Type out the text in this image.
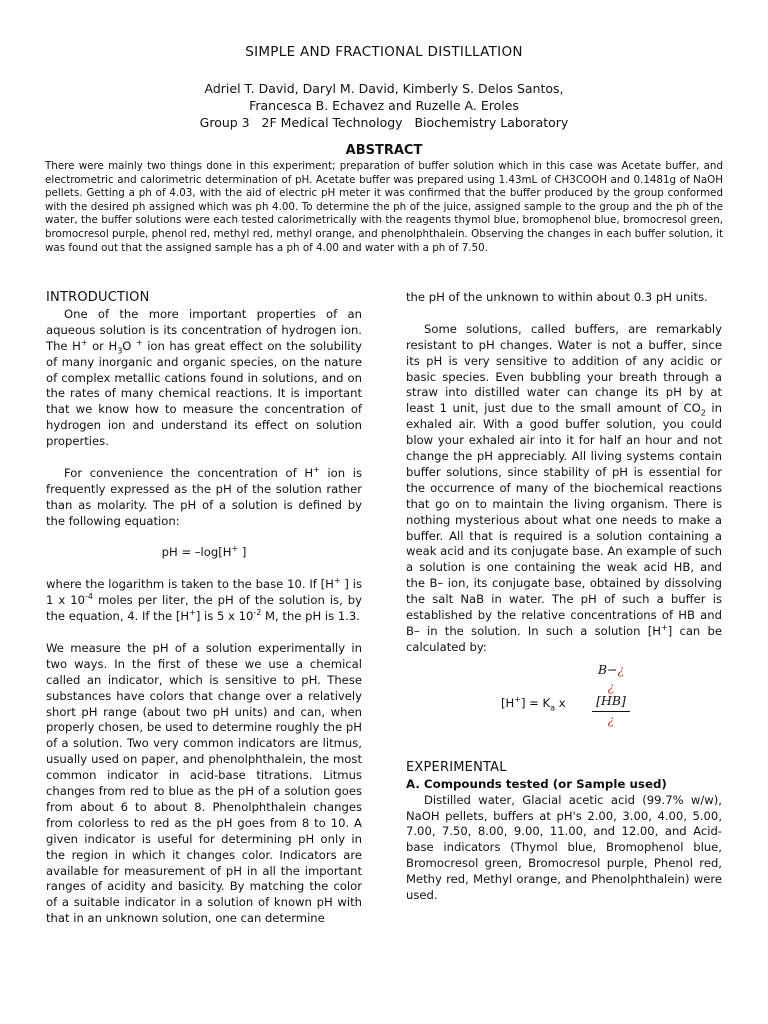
SIMPLE AND FRACTIONAL DISTILLATION
Adriel T. David, Daryl M. David, Kimberly S. Delos Santos,
Francesca B. Echavez and Ruzelle A. Eroles
Group 3   2F Medical Technology   Biochemistry Laboratory
ABSTRACT
There were mainly two things done in this experiment; preparation of buffer solution which in this case was Acetate buffer, and electrometric and calorimetric determination of pH. Acetate buffer was prepared using 1.43mL of CH3COOH and 0.1481g of NaOH pellets. Getting a ph of 4.03, with the aid of electric pH meter it was confirmed that the buffer produced by the group conformed with the desired ph assigned which was ph 4.00. To determine the ph of the juice, assigned sample to the group and the ph of the water, the buffer solutions were each tested calorimetrically with the reagents thymol blue, bromophenol blue, bromocresol green, bromocresol purple, phenol red, methyl red, methyl orange, and phenolphthalein. Observing the changes in each buffer solution, it was found out that the assigned sample has a ph of 4.00 and water with a ph of 7.50.
INTRODUCTION

One of the more important properties of an aqueous solution is its concentration of hydrogen ion. The H+ or $H_3O$ + ion has great effect on the solubility of many inorganic and organic species, on the nature of complex metallic cations found in solutions, and on the rates of many chemical reactions. It is important that we know how to measure the concentration of hydrogen ion and understand its effect on solution properties.

For convenience the concentration of H+ ion is frequently expressed as the pH of the solution rather than as molarity. The pH of a solution is defined by the following equation:

pH = –log[H+ ]

where the logarithm is taken to the base 10. If [H+ ] is 1 x $10^{-4}$ moles per liter, the pH of the solution is, by the equation, 4. If the [H+] is 5 x $10^{-2}$ M, the pH is 1.3.

We measure the pH of a solution experimentally in two ways. In the first of these we use a chemical called an indicator, which is sensitive to pH. These substances have colors that change over a relatively short pH range (about two pH units) and can, when properly chosen, be used to determine roughly the pH of a solution. Two very common indicators are litmus, usually used on paper, and phenolphthalein, the most common indicator in acid-base titrations. Litmus changes from red to blue as the pH of a solution goes from about 6 to about 8. Phenolphthalein changes from colorless to red as the pH goes from 8 to 10. A given indicator is useful for determining pH only in the region in which it changes color. Indicators are available for measurement of pH in all the important ranges of acidity and basicity. By matching the color of a suitable indicator in a solution of known pH with that in an unknown solution, one can determine

the pH of the unknown to within about 0.3 pH units.

Some solutions, called buffers, are remarkably resistant to pH changes. Water is not a buffer, since its pH is very sensitive to addition of any acidic or basic species. Even bubbling your breath through a straw into distilled water can change its pH by at least 1 unit, just due to the small amount of $CO_2$ in exhaled air. With a good buffer solution, you could blow your exhaled air into it for half an hour and not change the pH appreciably. All living systems contain buffer solutions, since stability of pH is essential for the occurrence of many of the biochemical reactions that go on to maintain the living organism. There is nothing mysterious about what one needs to make a buffer. All that is required is a solution containing a weak acid and its conjugate base. An example of such a solution is one containing the weak acid HB, and the B– ion, its conjugate base, obtained by dissolving the salt NaB in water. The pH of such a buffer is established by the relative concentrations of HB and B– in the solution. In such a solution [H+] can be calculated by:

$[H^+] = K_a$ x
B−¿
¿
[HB]
¿
EXPERIMENTAL
A. Compounds tested (or Sample used)

Distilled water, Glacial acetic acid (99.7% w/w), NaOH pellets, buffers at pH's 2.00, 3.00, 4.00, 5.00, 7.00, 7.50, 8.00, 9.00, 11.00, and 12.00, and Acid-base indicators (Thymol blue, Bromophenol blue, Bromocresol green, Bromocresol purple, Phenol red, Methy red, Methyl orange, and Phenolphthalein) were used.
